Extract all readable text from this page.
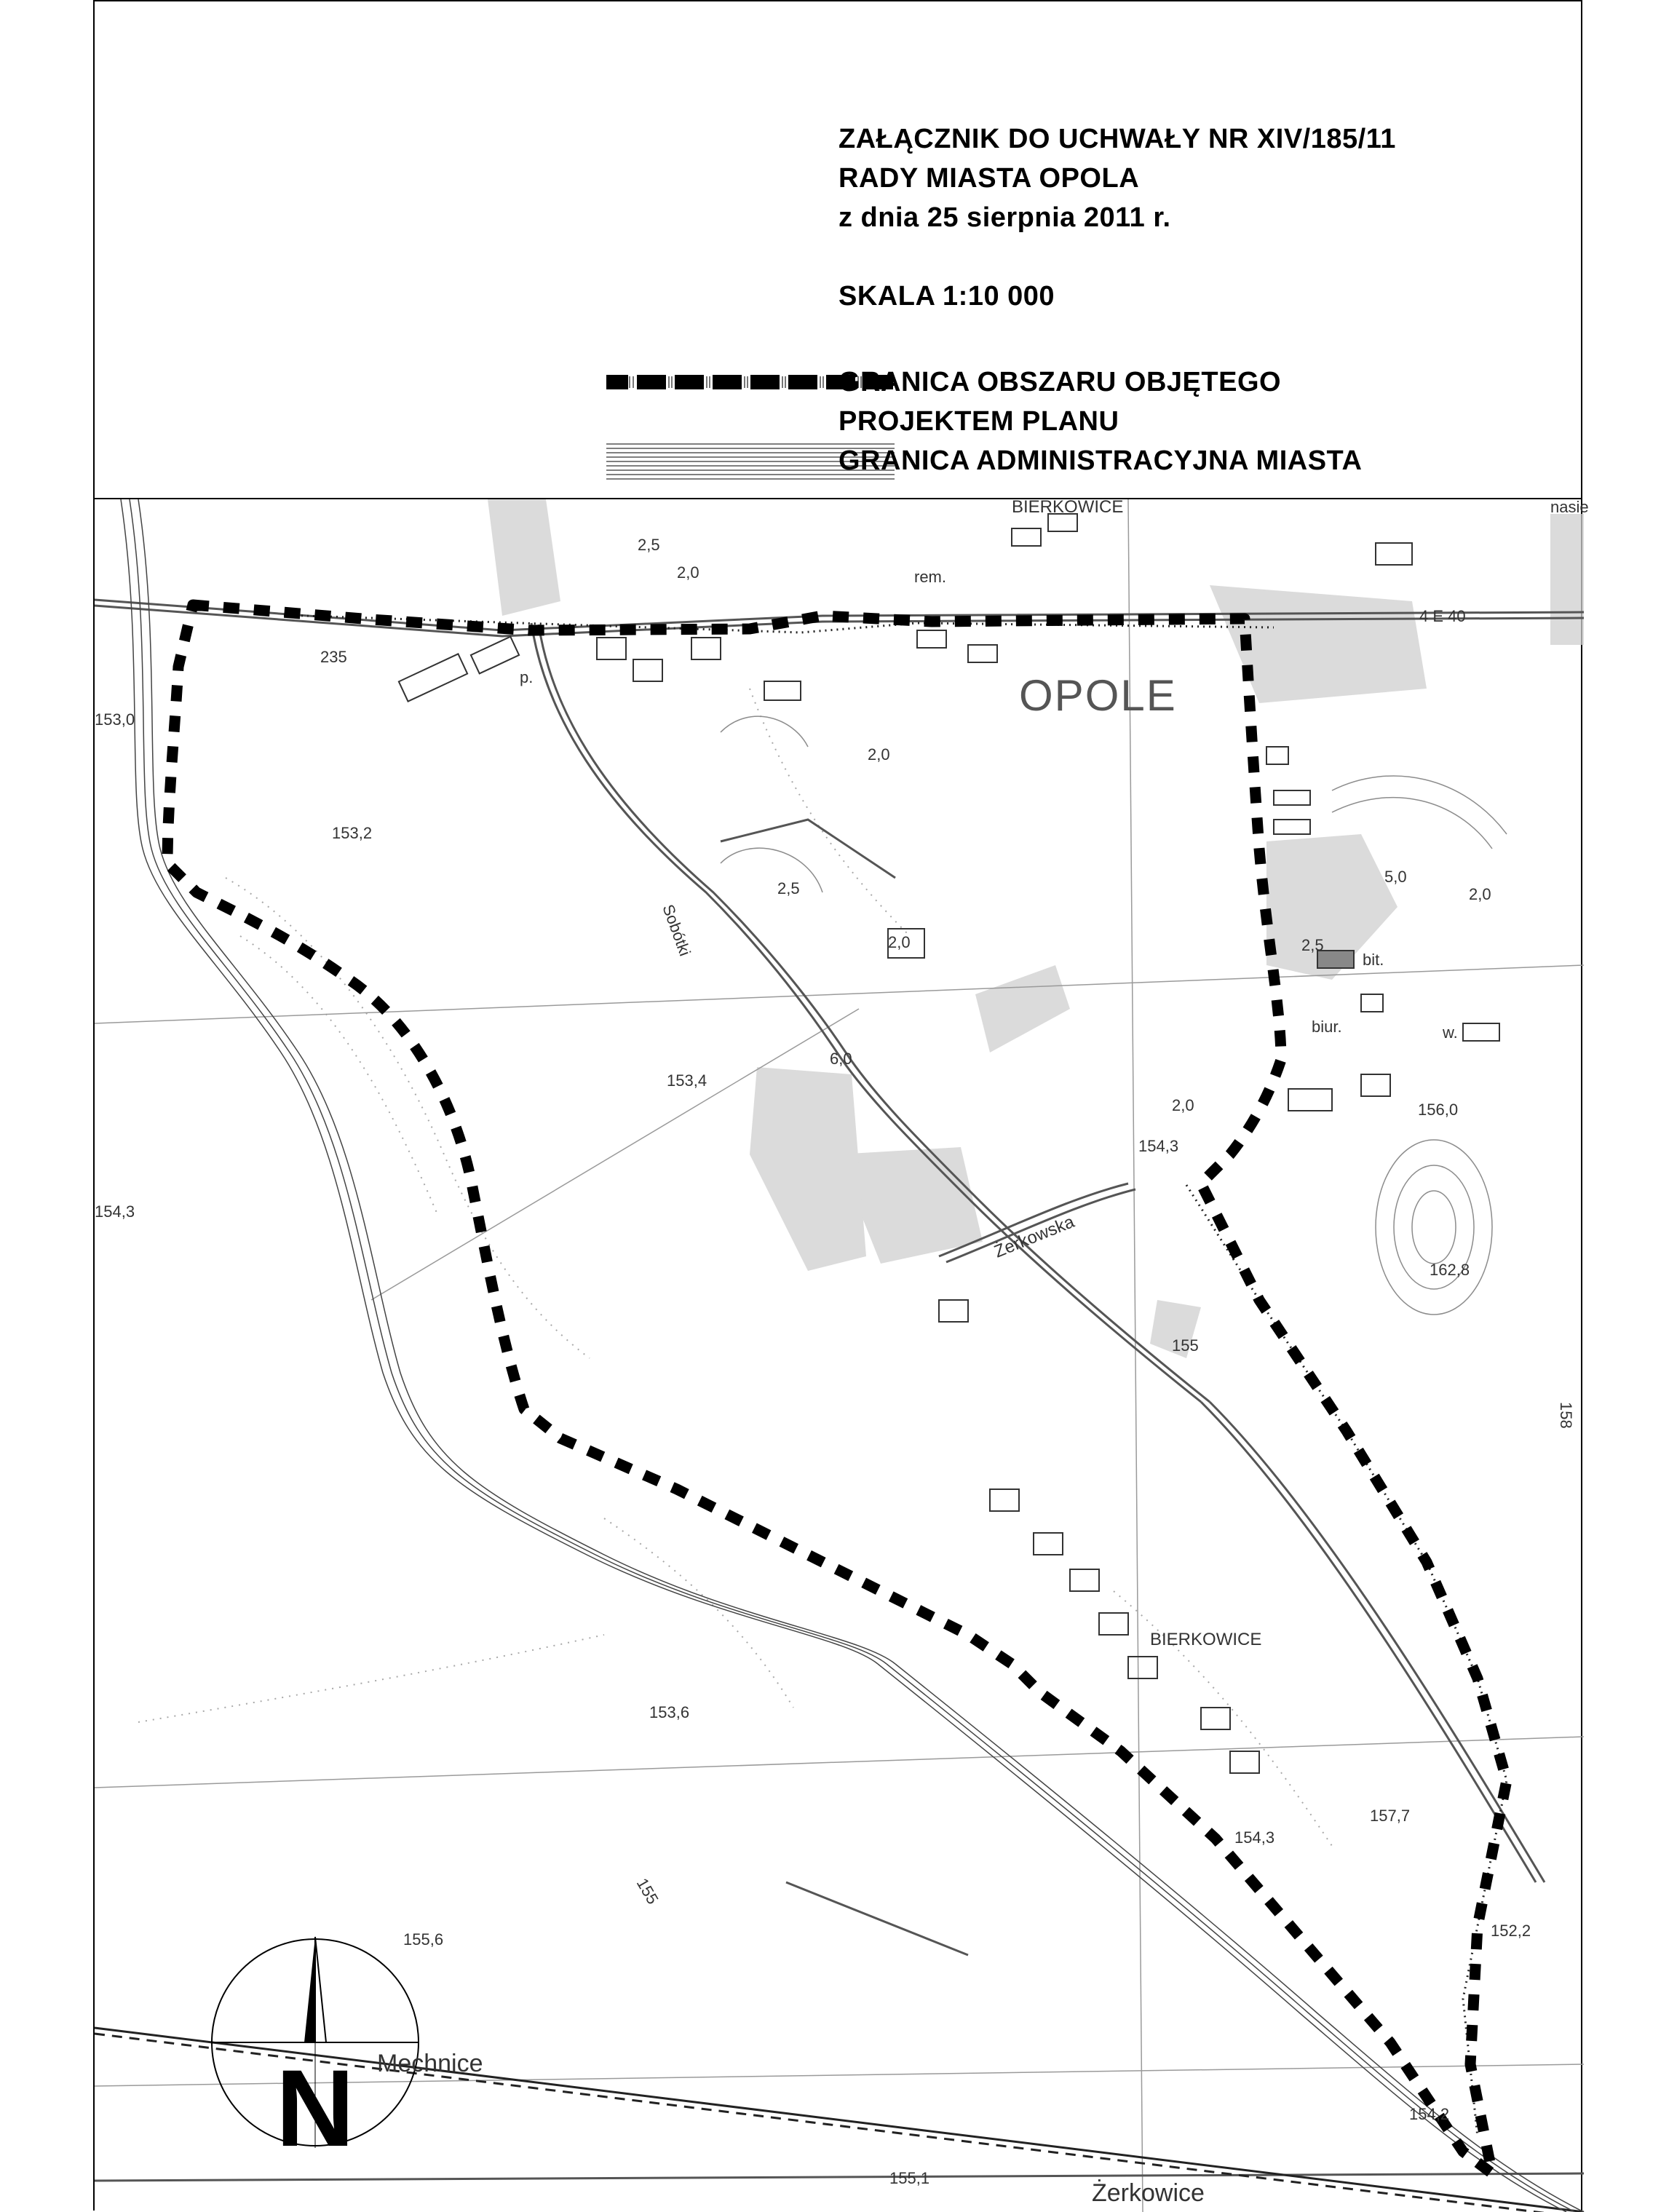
ZAŁĄCZNIK DO UCHWAŁY NR XIV/185/11
RADY MIASTA OPOLA
z dnia 25 sierpnia 2011 r.
SKALA 1:10 000
GRANICA OBSZARU OBJĘTEGO
PROJEKTEM PLANU
GRANICA ADMINISTRACYJNA MIASTA
N
OPOLE
4 E 40
BIERKOWICE
BIERKOWICE
Mechnice
Żerkowice
Żerkowska
Sobótki
rem.
bit.
biur.
nasie
p.
w.
153,0
153,2
153,4
154,3
154,3
154,3
156,0
162,8
153,6
155,6
157,7
152,2
154,2
155,1
155
155
158
235
2,0
2,0
2,0
2,0
2,0
2,5
2,5
2,5
5,0
6,0
